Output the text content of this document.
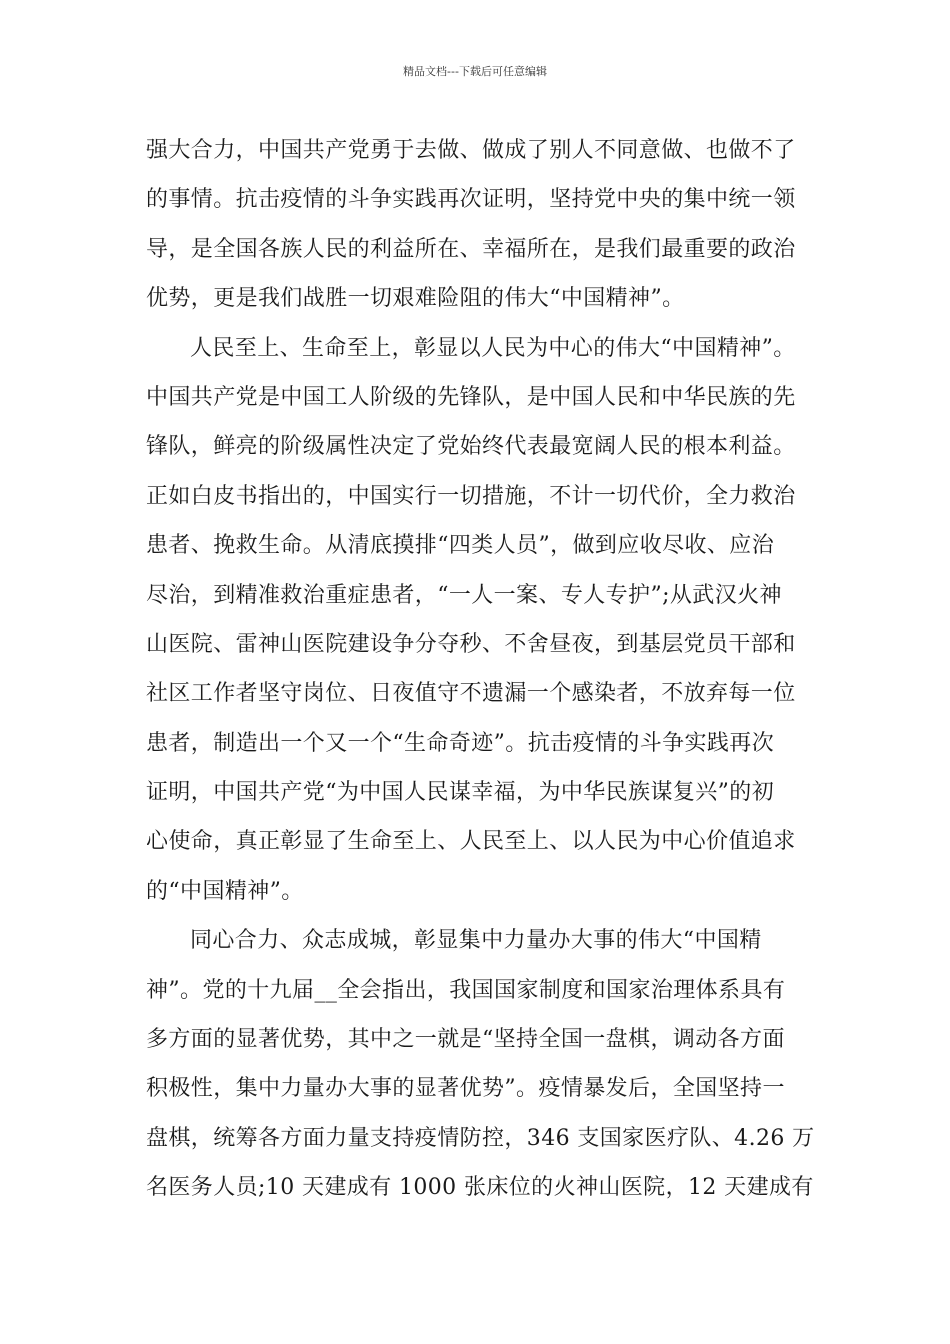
精品文档---下载后可任意编辑
强大合力，中国共产党勇于去做、做成了别人不同意做、也做不了
的事情。抗击疫情的斗争实践再次证明，坚持党中央的集中统一领
导，是全国各族人民的利益所在、幸福所在，是我们最重要的政治
优势，更是我们战胜一切艰难险阻的伟大“中国精神”。
人民至上、生命至上，彰显以人民为中心的伟大“中国精神”。
中国共产党是中国工人阶级的先锋队，是中国人民和中华民族的先
锋队，鲜亮的阶级属性决定了党始终代表最宽阔人民的根本利益。
正如白皮书指出的，中国实行一切措施，不计一切代价，全力救治
患者、挽救生命。从清底摸排“四类人员”，做到应收尽收、应治
尽治，到精准救治重症患者，“一人一案、专人专护”;从武汉火神
山医院、雷神山医院建设争分夺秒、不舍昼夜，到基层党员干部和
社区工作者坚守岗位、日夜值守不遗漏一个感染者，不放弃每一位
患者，制造出一个又一个“生命奇迹”。抗击疫情的斗争实践再次
证明，中国共产党“为中国人民谋幸福，为中华民族谋复兴”的初
心使命，真正彰显了生命至上、人民至上、以人民为中心价值追求
的“中国精神”。
同心合力、众志成城，彰显集中力量办大事的伟大“中国精
神”。党的十九届__全会指出，我国国家制度和国家治理体系具有
多方面的显著优势，其中之一就是“坚持全国一盘棋，调动各方面
积极性，集中力量办大事的显著优势”。疫情暴发后，全国坚持一
盘棋，统筹各方面力量支持疫情防控，346 支国家医疗队、4.26 万
名医务人员;10 天建成有 1000 张床位的火神山医院，12 天建成有
